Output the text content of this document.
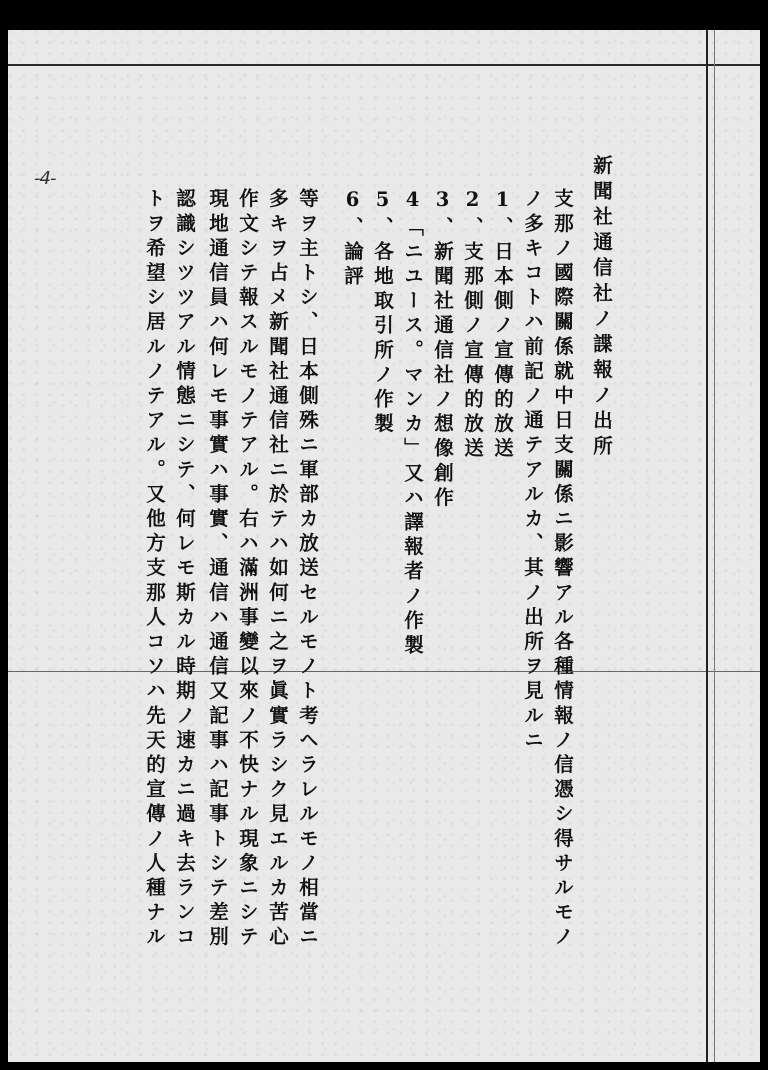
-4-	新聞社通信社ノ諜報ノ出所
支那ノ國際關係就中日支關係ニ影響アル各種情報ノ信憑シ得サルモノ
ノ多キコトハ前記ノ通テアルカ、其ノ出所ヲ見ルニ
1、日本側ノ宣傳的放送
2、支那側ノ宣傳的放送
3、新聞社通信社ノ想像創作
4「ニユース。マンカ」又ハ譯報者ノ作製
5、各地取引所ノ作製
6、論評
等ヲ主トシ、日本側殊ニ軍部カ放送セルモノト考ヘラレルモノ相當ニ
多キヲ占メ新聞社通信社ニ於テハ如何ニ之ヲ眞實ラシク見エルカ苦心
作文シテ報スルモノテアル。右ハ滿洲事變以來ノ不快ナル現象ニシテ
現地通信員ハ何レモ事實ハ事實、通信ハ通信又記事ハ記事トシテ差別
認識シツツアル情態ニシテ、何レモ斯カル時期ノ速カニ過キ去ランコ
トヲ希望シ居ルノテアル。又他方支那人コソハ先天的宣傳ノ人種ナル
